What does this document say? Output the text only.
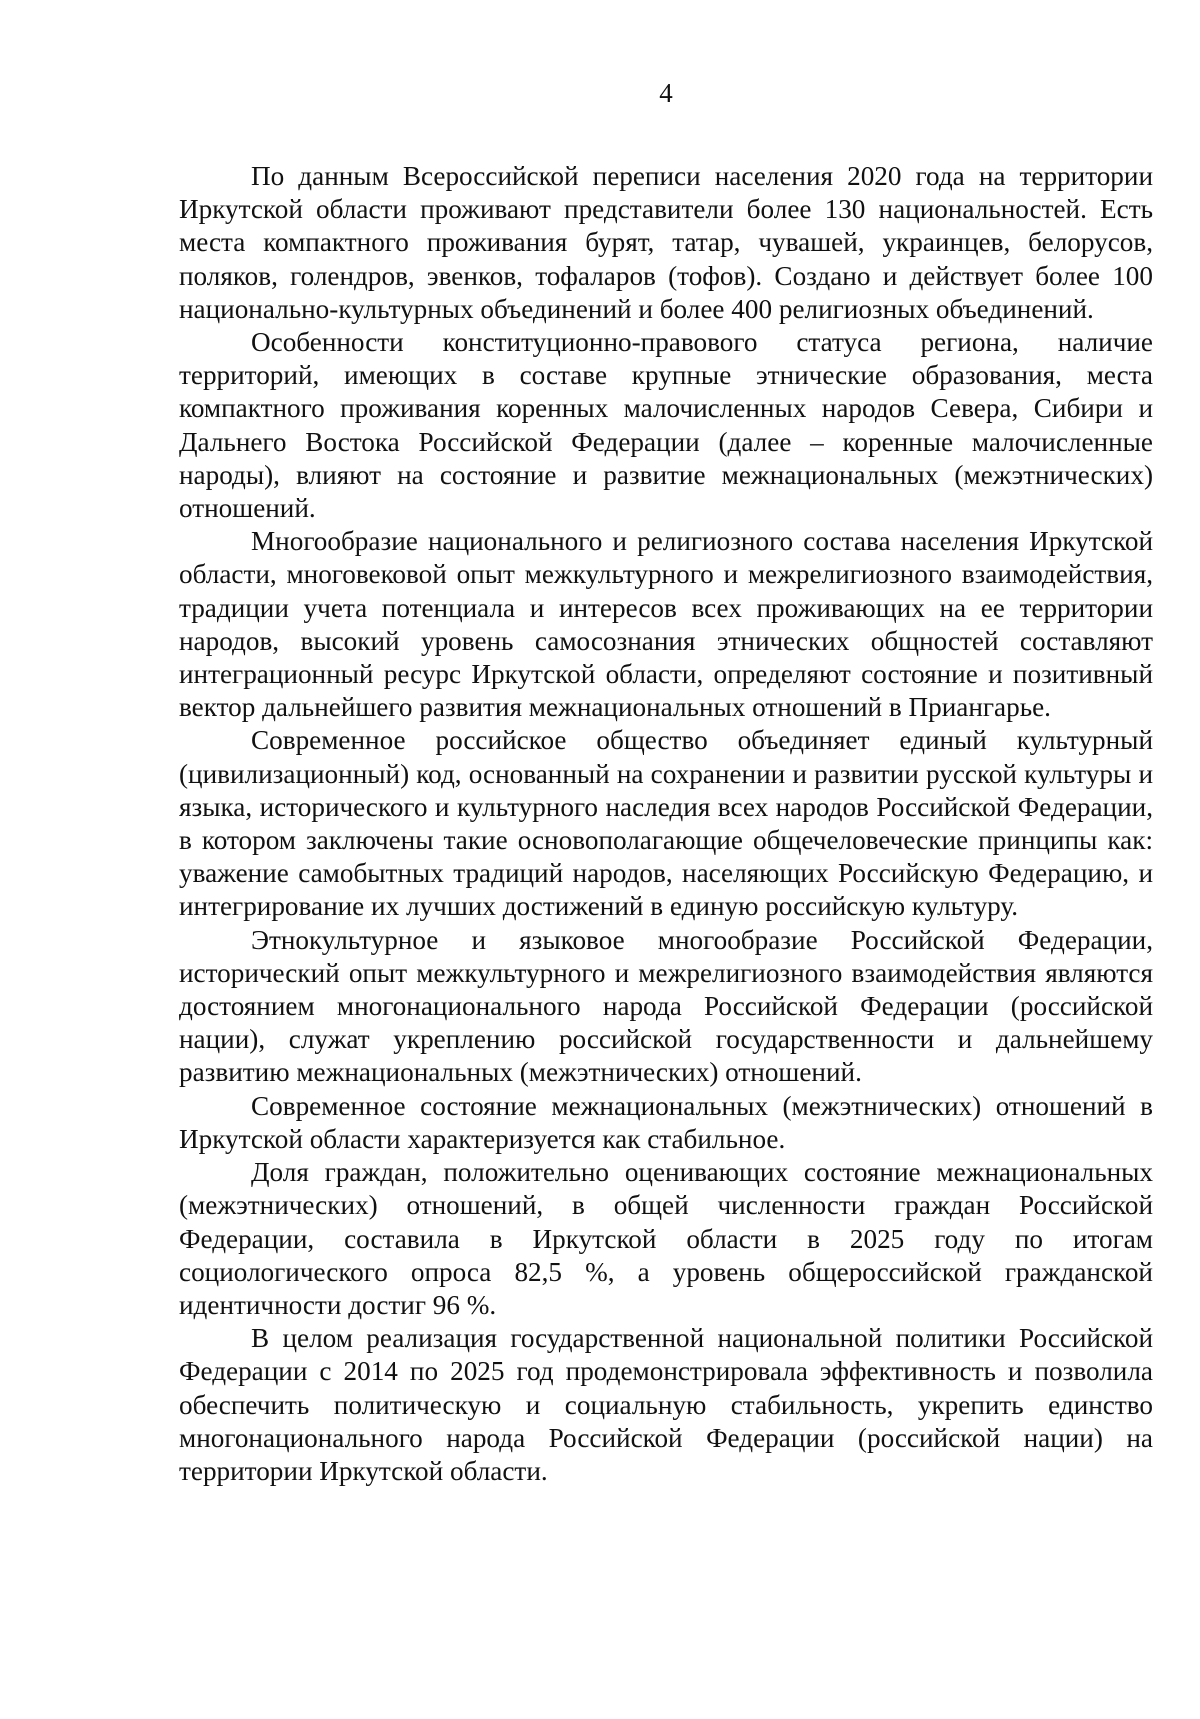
4

По данным Всероссийской переписи населения 2020 года на территории Иркутской области проживают представители более 130 национальностей. Есть места компактного проживания бурят, татар, чувашей, украинцев, белорусов, поляков, голендров, эвенков, тофаларов (тофов). Создано и действует более 100 национально-культурных объединений и более 400 религиозных объединений.

Особенности конституционно-правового статуса региона, наличие территорий, имеющих в составе крупные этнические образования, места компактного проживания коренных малочисленных народов Севера, Сибири и Дальнего Востока Российской Федерации (далее – коренные малочисленные народы), влияют на состояние и развитие межнациональных (межэтнических) отношений.

Многообразие национального и религиозного состава населения Иркутской области, многовековой опыт межкультурного и межрелигиозного взаимодействия, традиции учета потенциала и интересов всех проживающих на ее территории народов, высокий уровень самосознания этнических общностей составляют интеграционный ресурс Иркутской области, определяют состояние и позитивный вектор дальнейшего развития межнациональных отношений в Приангарье.

Современное российское общество объединяет единый культурный (цивилизационный) код, основанный на сохранении и развитии русской культуры и языка, исторического и культурного наследия всех народов Российской Федерации, в котором заключены такие основополагающие общечеловеческие принципы как: уважение самобытных традиций народов, населяющих Российскую Федерацию, и интегрирование их лучших достижений в единую российскую культуру.

Этнокультурное и языковое многообразие Российской Федерации, исторический опыт межкультурного и межрелигиозного взаимодействия являются достоянием многонационального народа Российской Федерации (российской нации), служат укреплению российской государственности и дальнейшему развитию межнациональных (межэтнических) отношений.

Современное состояние межнациональных (межэтнических) отношений в Иркутской области характеризуется как стабильное.

Доля граждан, положительно оценивающих состояние межнациональных (межэтнических) отношений, в общей численности граждан Российской Федерации, составила в Иркутской области в 2025 году по итогам социологического опроса 82,5 %, а уровень общероссийской гражданской идентичности достиг 96 %.

В целом реализация государственной национальной политики Российской Федерации с 2014 по 2025 год продемонстрировала эффективность и позволила обеспечить политическую и социальную стабильность, укрепить единство многонационального народа Российской Федерации (российской нации) на территории Иркутской области.
